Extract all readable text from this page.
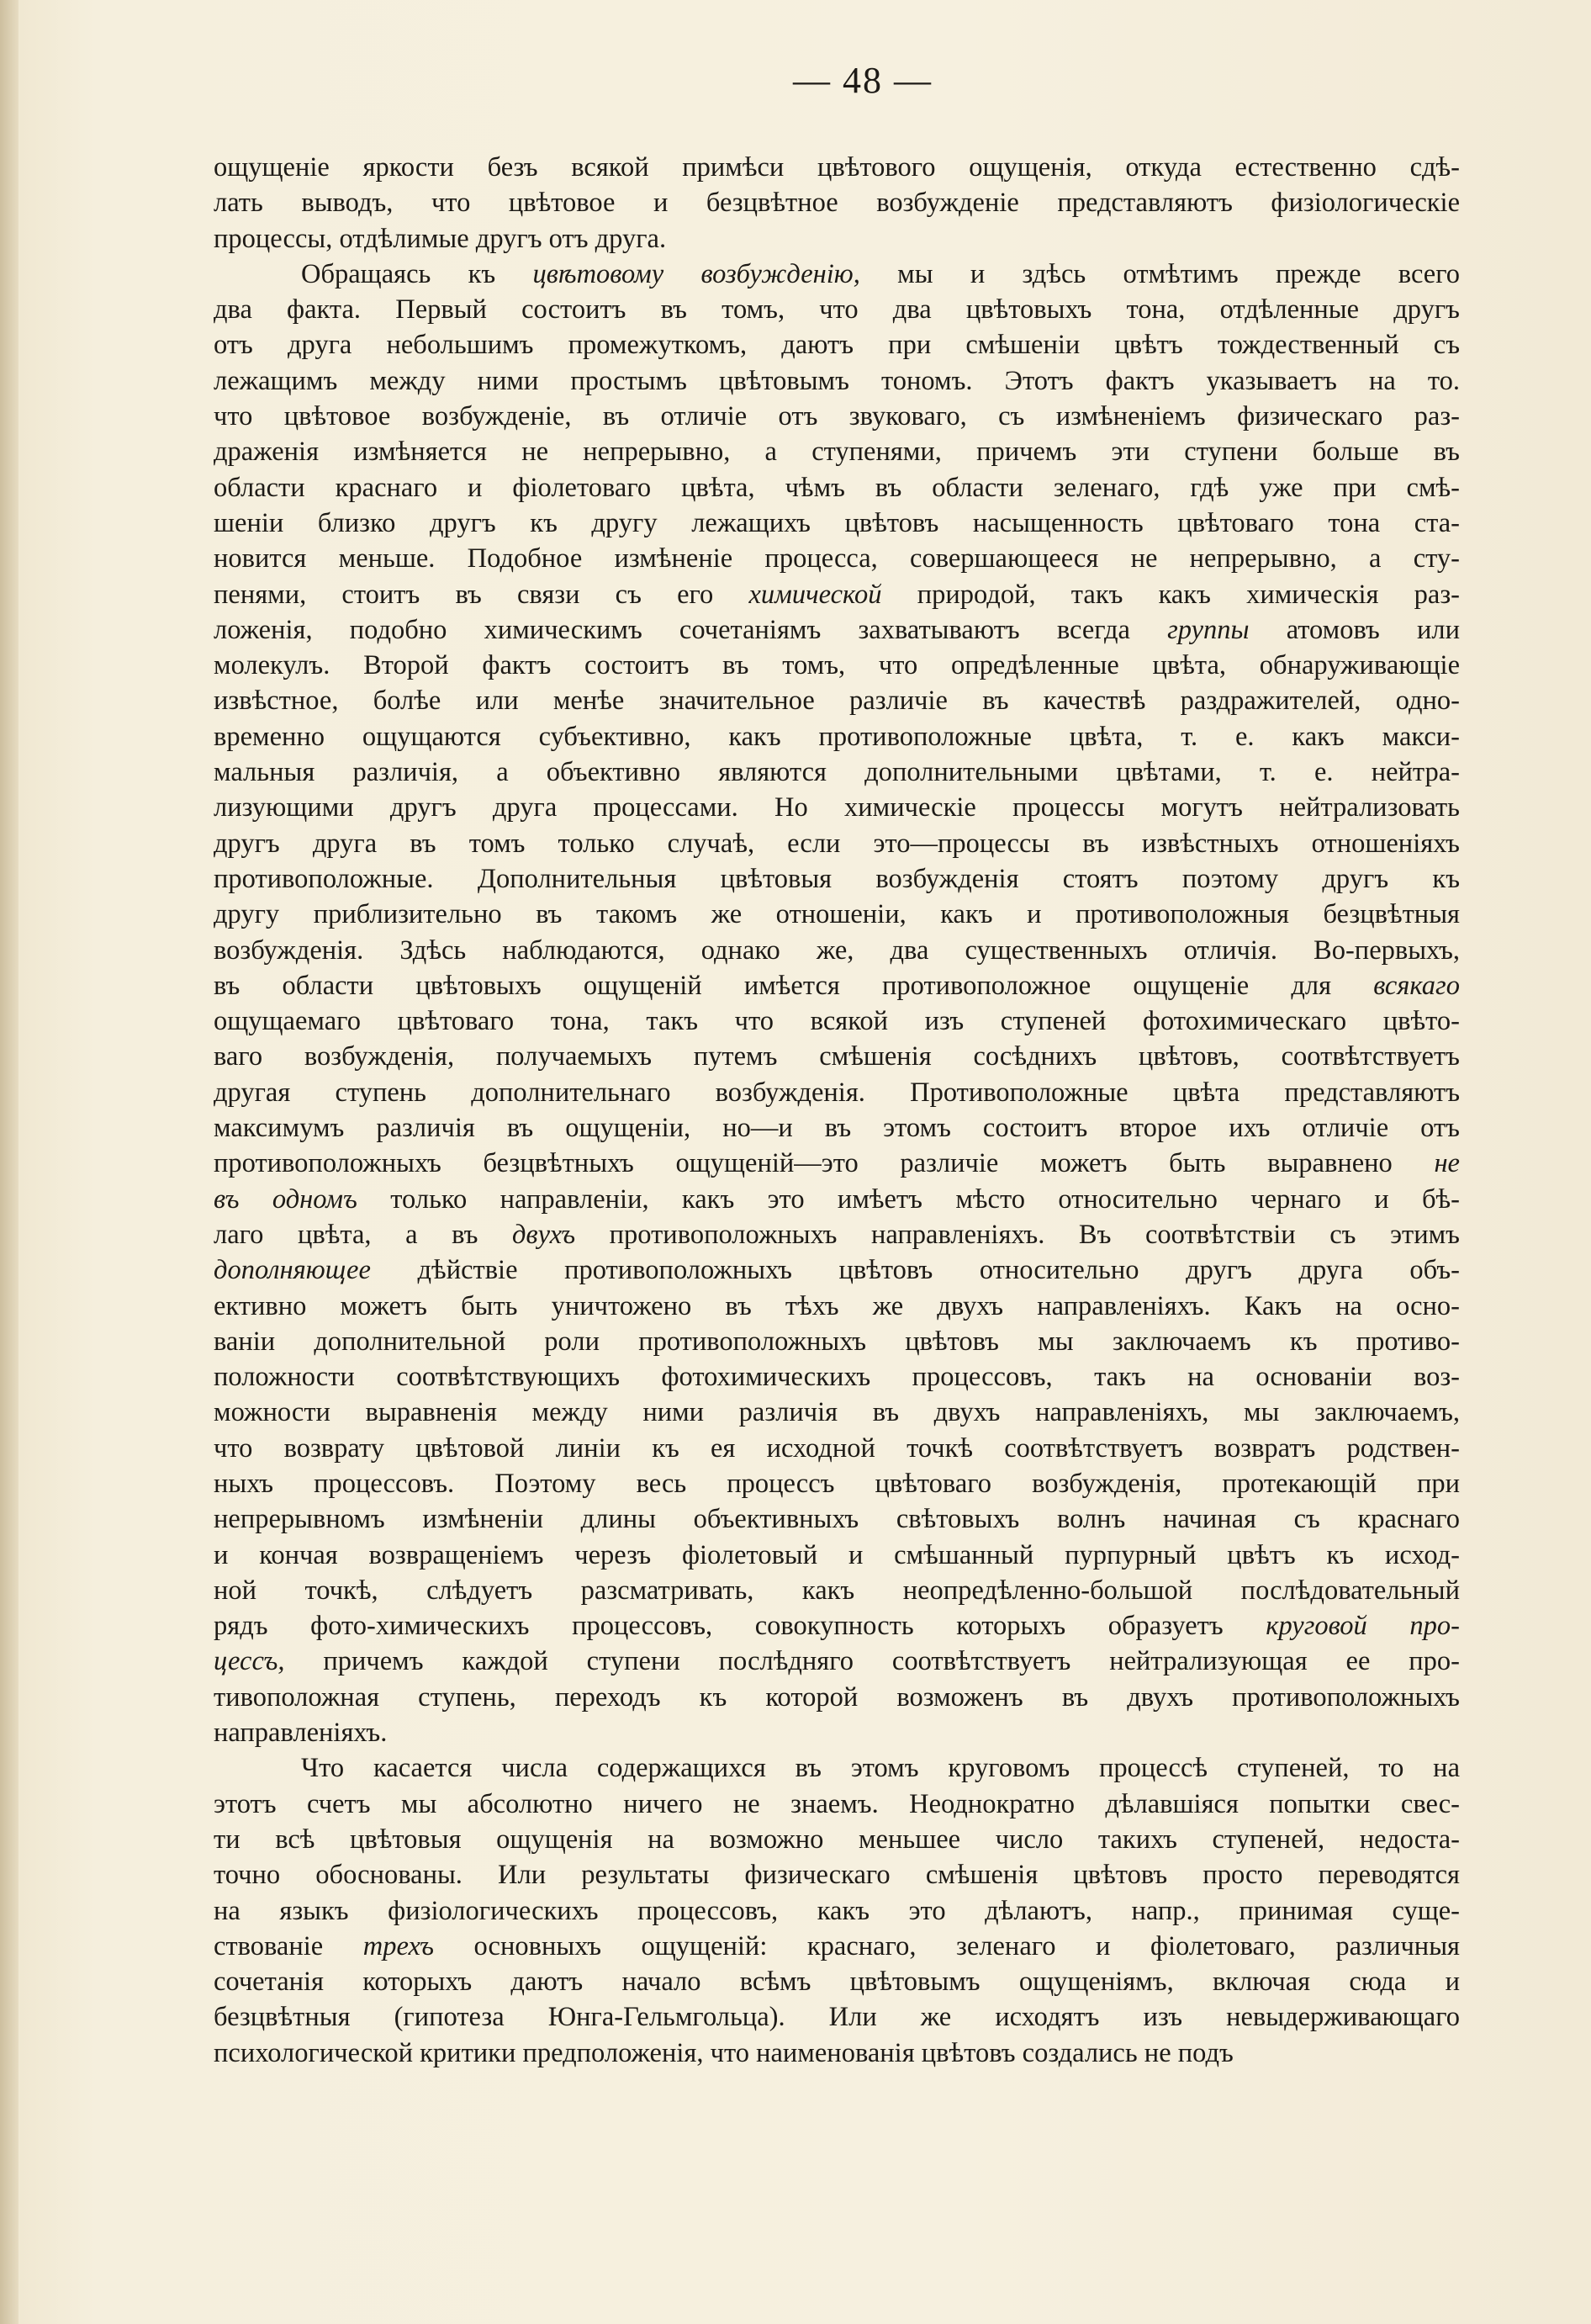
— 48 —
ощущеніе яркости безъ всякой примѣси цвѣтового ощущенія, откуда естественно сдѣ-
лать выводъ, что цвѣтовое и безцвѣтное возбужденіе представляютъ физіологическіе
процессы, отдѣлимые другъ отъ друга.
Обращаясь къ цвѣтовому возбужденію, мы и здѣсь отмѣтимъ прежде всего
два факта. Первый состоитъ въ томъ, что два цвѣтовыхъ тона, отдѣленные другъ
отъ друга небольшимъ промежуткомъ, даютъ при смѣшеніи цвѣтъ тождественный съ
лежащимъ между ними простымъ цвѣтовымъ тономъ. Этотъ фактъ указываетъ на то.
что цвѣтовое возбужденіе, въ отличіе отъ звуковаго, съ измѣненіемъ физическаго раз-
драженія измѣняется не непрерывно, а ступенями, причемъ эти ступени больше въ
области краснаго и фіолетоваго цвѣта, чѣмъ въ области зеленаго, гдѣ уже при смѣ-
шеніи близко другъ къ другу лежащихъ цвѣтовъ насыщенность цвѣтоваго тона ста-
новится меньше. Подобное измѣненіе процесса, совершающееся не непрерывно, а сту-
пенями, стоитъ въ связи съ его химической природой, такъ какъ химическія раз-
ложенія, подобно химическимъ сочетаніямъ захватываютъ всегда группы атомовъ или
молекулъ. Второй фактъ состоитъ въ томъ, что опредѣленные цвѣта, обнаруживающіе
извѣстное, болѣе или менѣе значительное различіе въ качествѣ раздражителей, одно-
временно ощущаются субъективно, какъ противоположные цвѣта, т. е. какъ макси-
мальныя различія, а объективно являются дополнительными цвѣтами, т. е. нейтра-
лизующими другъ друга процессами. Но химическіе процессы могутъ нейтрализовать
другъ друга въ томъ только случаѣ, если это—процессы въ извѣстныхъ отношеніяхъ
противоположные. Дополнительныя цвѣтовыя возбужденія стоятъ поэтому другъ къ
другу приблизительно въ такомъ же отношеніи, какъ и противоположныя безцвѣтныя
возбужденія. Здѣсь наблюдаются, однако же, два существенныхъ отличія. Во-первыхъ,
въ области цвѣтовыхъ ощущеній имѣется противоположное ощущеніе для всякаго
ощущаемаго цвѣтоваго тона, такъ что всякой изъ ступеней фотохимическаго цвѣто-
ваго возбужденія, получаемыхъ путемъ смѣшенія сосѣднихъ цвѣтовъ, соотвѣтствуетъ
другая ступень дополнительнаго возбужденія. Противоположные цвѣта представляютъ
максимумъ различія въ ощущеніи, но—и въ этомъ состоитъ второе ихъ отличіе отъ
противоположныхъ безцвѣтныхъ ощущеній—это различіе можетъ быть выравнено не
въ одномъ только направленіи, какъ это имѣетъ мѣсто относительно чернаго и бѣ-
лаго цвѣта, а въ двухъ противоположныхъ направленіяхъ. Въ соотвѣтствіи съ этимъ
дополняющее дѣйствіе противоположныхъ цвѣтовъ относительно другъ друга объ-
ективно можетъ быть уничтожено въ тѣхъ же двухъ направленіяхъ. Какъ на осно-
ваніи дополнительной роли противоположныхъ цвѣтовъ мы заключаемъ къ противо-
положности соотвѣтствующихъ фотохимическихъ процессовъ, такъ на основаніи воз-
можности выравненія между ними различія въ двухъ направленіяхъ, мы заключаемъ,
что возврату цвѣтовой линіи къ ея исходной точкѣ соотвѣтствуетъ возвратъ родствен-
ныхъ процессовъ. Поэтому весь процессъ цвѣтоваго возбужденія, протекающій при
непрерывномъ измѣненіи длины объективныхъ свѣтовыхъ волнъ начиная съ краснаго
и кончая возвращеніемъ черезъ фіолетовый и смѣшанный пурпурный цвѣтъ къ исход-
ной точкѣ, слѣдуетъ разсматривать, какъ неопредѣленно-большой послѣдовательный
рядъ фото-химическихъ процессовъ, совокупность которыхъ образуетъ круговой про-
цессъ, причемъ каждой ступени послѣдняго соотвѣтствуетъ нейтрализующая ее про-
тивоположная ступень, переходъ къ которой возможенъ въ двухъ противоположныхъ
направленіяхъ.
Что касается числа содержащихся въ этомъ круговомъ процессѣ ступеней, то на
этотъ счетъ мы абсолютно ничего не знаемъ. Неоднократно дѣлавшіяся попытки свес-
ти всѣ цвѣтовыя ощущенія на возможно меньшее число такихъ ступеней, недоста-
точно обоснованы. Или результаты физическаго смѣшенія цвѣтовъ просто переводятся
на языкъ физіологическихъ процессовъ, какъ это дѣлаютъ, напр., принимая суще-
ствованіе трехъ основныхъ ощущеній: краснаго, зеленаго и фіолетоваго, различныя
сочетанія которыхъ даютъ начало всѣмъ цвѣтовымъ ощущеніямъ, включая сюда и
безцвѣтныя (гипотеза Юнга-Гельмгольца). Или же исходятъ изъ невыдерживающаго
психологической критики предположенія, что наименованія цвѣтовъ создались не подъ
